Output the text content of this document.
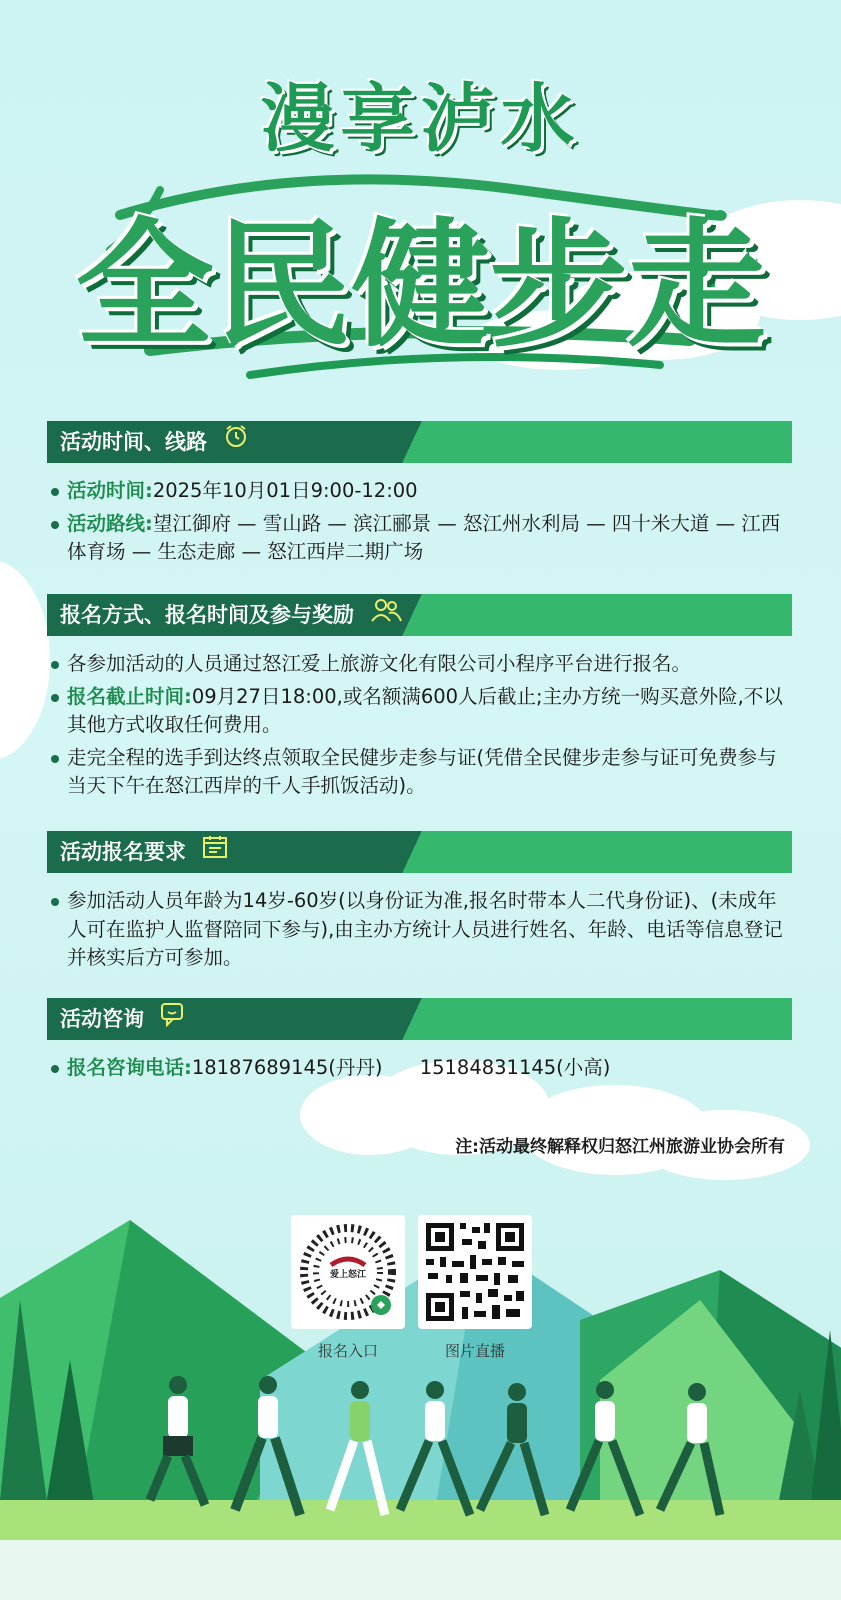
漫享泸水
全民健步走
活动时间、线路
活动时间:2025年10月01日9:00-12:00
活动路线:望江御府 — 雪山路 — 滨江郦景 — 怒江州水利局 — 四十米大道 — 江西体育场 — 生态走廊 — 怒江西岸二期广场
报名方式、报名时间及参与奖励
各参加活动的人员通过怒江爱上旅游文化有限公司小程序平台进行报名。
报名截止时间:09月27日18:00,或名额满600人后截止;主办方统一购买意外险,不以其他方式收取任何费用。
走完全程的选手到达终点领取全民健步走参与证(凭借全民健步走参与证可免费参与当天下午在怒江西岸的千人手抓饭活动)。
活动报名要求
参加活动人员年龄为14岁-60岁(以身份证为准,报名时带本人二代身份证)、(未成年人可在监护人监督陪同下参与),由主办方统计人员进行姓名、年龄、电话等信息登记并核实后方可参加。
活动咨询
报名咨询电话:18187689145(丹丹)      15184831145(小高)
注:活动最终解释权归怒江州旅游业协会所有
爱上怒江
报名入口	图片直播
